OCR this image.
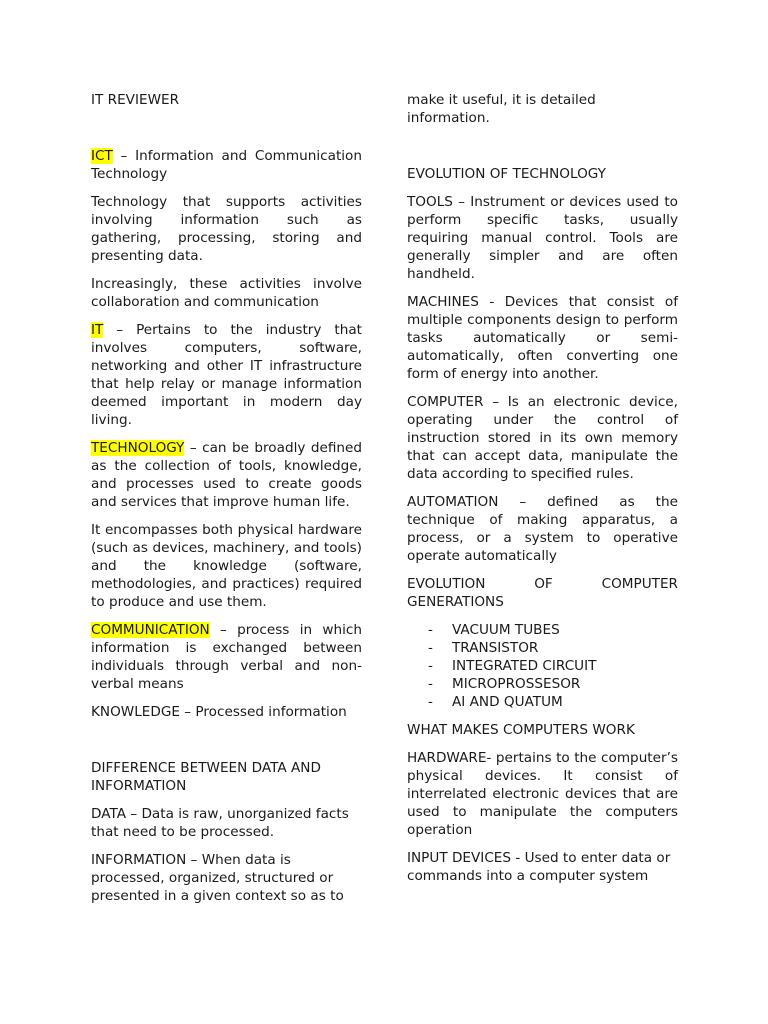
IT REVIEWER

ICT – Information and Communication Technology

Technology that supports activities involving information such as gathering, processing, storing and presenting data.

Increasingly, these activities involve collaboration and communication

IT – Pertains to the industry that involves computers, software, networking and other IT infrastructure that help relay or manage information deemed important in modern day living.

TECHNOLOGY – can be broadly defined as the collection of tools, knowledge, and processes used to create goods and services that improve human life.

It encompasses both physical hardware (such as devices, machinery, and tools) and the knowledge (software, methodologies, and practices) required to produce and use them.

COMMUNICATION – process in which information is exchanged between individuals through verbal and non-verbal means

KNOWLEDGE – Processed information

DIFFERENCE BETWEEN DATA AND INFORMATION

DATA – Data is raw, unorganized facts that need to be processed.

INFORMATION – When data is processed, organized, structured or presented in a given context so as to

make it useful, it is detailed information.

EVOLUTION OF TECHNOLOGY

TOOLS – Instrument or devices used to perform specific tasks, usually requiring manual control. Tools are generally simpler and are often handheld.

MACHINES - Devices that consist of multiple components design to perform tasks automatically or semi-automatically, often converting one form of energy into another.

COMPUTER – Is an electronic device, operating under the control of instruction stored in its own memory that can accept data, manipulate the data according to specified rules.

AUTOMATION – defined as the technique of making apparatus, a process, or a system to operative operate automatically

EVOLUTION OF COMPUTER GENERATIONS

- VACUUM TUBES
- TRANSISTOR
- INTEGRATED CIRCUIT
- MICROPROSSESOR
- AI AND QUATUM

WHAT MAKES COMPUTERS WORK

HARDWARE- pertains to the computer’s physical devices. It consist of interrelated electronic devices that are used to manipulate the computers operation

INPUT DEVICES - Used to enter data or commands into a computer system
